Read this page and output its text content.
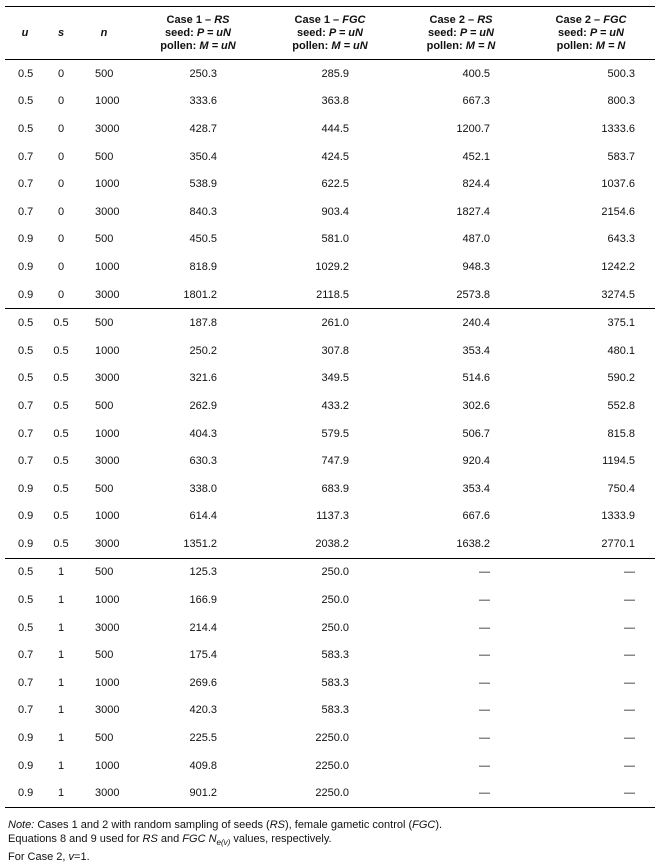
u	s	n	Case 1 – RS
seed: P = uN
pollen: M = uN	Case 1 – FGC
seed: P = uN
pollen: M = uN	Case 2 – RS
seed: P = uN
pollen: M = N	Case 2 – FGC
seed: P = uN
pollen: M = N

0.5	0	500	250.3	285.9	400.5	500.3
0.5	0	1000	333.6	363.8	667.3	800.3
0.5	0	3000	428.7	444.5	1200.7	1333.6
0.7	0	500	350.4	424.5	452.1	583.7
0.7	0	1000	538.9	622.5	824.4	1037.6
0.7	0	3000	840.3	903.4	1827.4	2154.6
0.9	0	500	450.5	581.0	487.0	643.3
0.9	0	1000	818.9	1029.2	948.3	1242.2
0.9	0	3000	1801.2	2118.5	2573.8	3274.5
0.5	0.5	500	187.8	261.0	240.4	375.1
0.5	0.5	1000	250.2	307.8	353.4	480.1
0.5	0.5	3000	321.6	349.5	514.6	590.2
0.7	0.5	500	262.9	433.2	302.6	552.8
0.7	0.5	1000	404.3	579.5	506.7	815.8
0.7	0.5	3000	630.3	747.9	920.4	1194.5
0.9	0.5	500	338.0	683.9	353.4	750.4
0.9	0.5	1000	614.4	1137.3	667.6	1333.9
0.9	0.5	3000	1351.2	2038.2	1638.2	2770.1
0.5	1	500	125.3	250.0	—	—
0.5	1	1000	166.9	250.0	—	—
0.5	1	3000	214.4	250.0	—	—
0.7	1	500	175.4	583.3	—	—
0.7	1	1000	269.6	583.3	—	—
0.7	1	3000	420.3	583.3	—	—
0.9	1	500	225.5	2250.0	—	—
0.9	1	1000	409.8	2250.0	—	—
0.9	1	3000	901.2	2250.0	—	—
Note: Cases 1 and 2 with random sampling of seeds (RS), female gametic control (FGC).
Equations 8 and 9 used for RS and FGC $N_{e(v)}$ values, respectively.
For Case 2, v=1.
